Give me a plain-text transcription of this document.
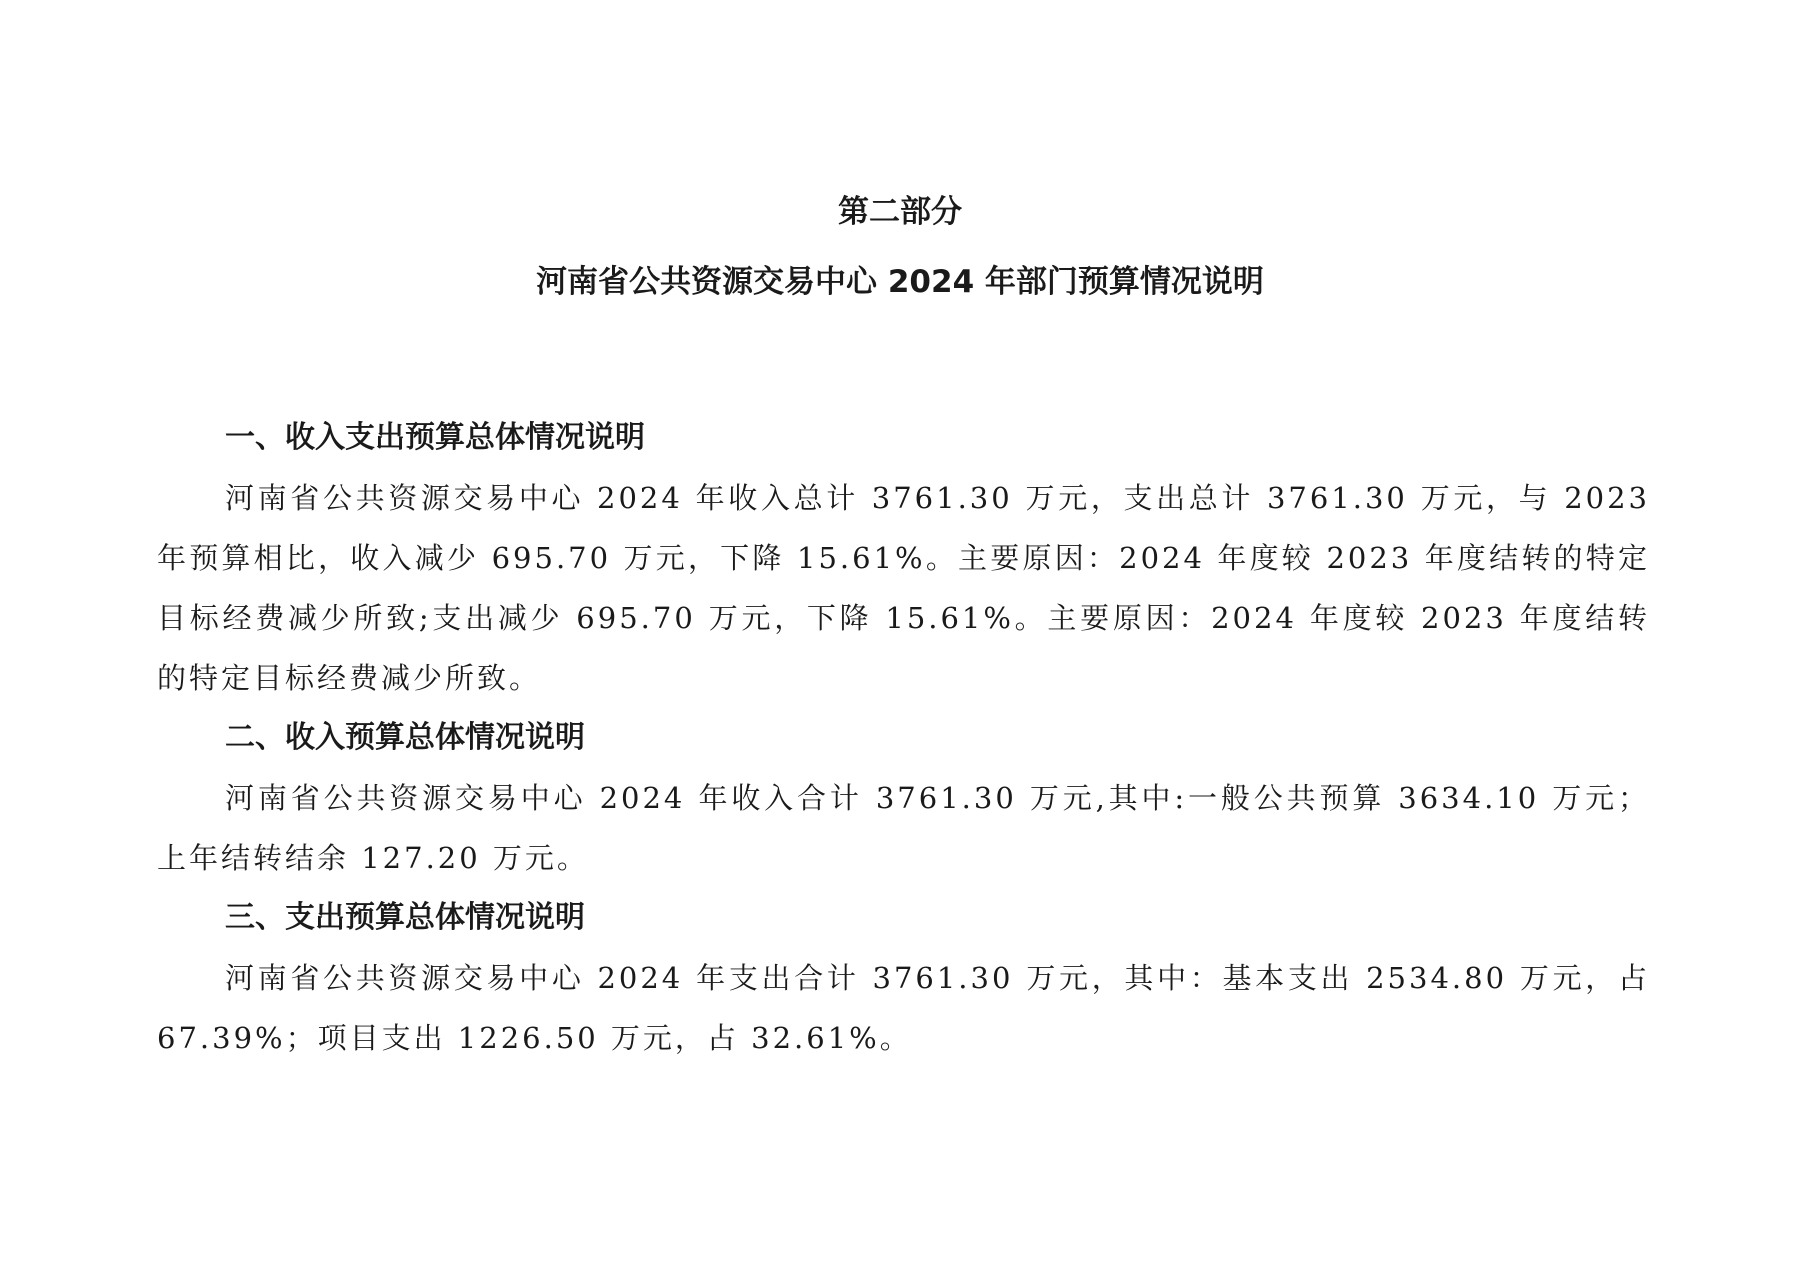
第二部分
河南省公共资源交易中心 2024 年部门预算情况说明

一、收入支出预算总体情况说明

河南省公共资源交易中心 2024 年收入总计 3761.30 万元，支出总计 3761.30 万元，与 2023 年预算相比，收入减少 695.70 万元，下降 15.61%。主要原因：2024 年度较 2023 年度结转的特定目标经费减少所致;支出减少 695.70 万元，下降 15.61%。主要原因：2024 年度较 2023 年度结转的特定目标经费减少所致。

二、收入预算总体情况说明

河南省公共资源交易中心 2024 年收入合计 3761.30 万元,其中:一般公共预算 3634.10 万元；上年结转结余 127.20 万元。

三、支出预算总体情况说明

河南省公共资源交易中心 2024 年支出合计 3761.30 万元，其中：基本支出 2534.80 万元，占 67.39%；项目支出 1226.50 万元，占 32.61%。
